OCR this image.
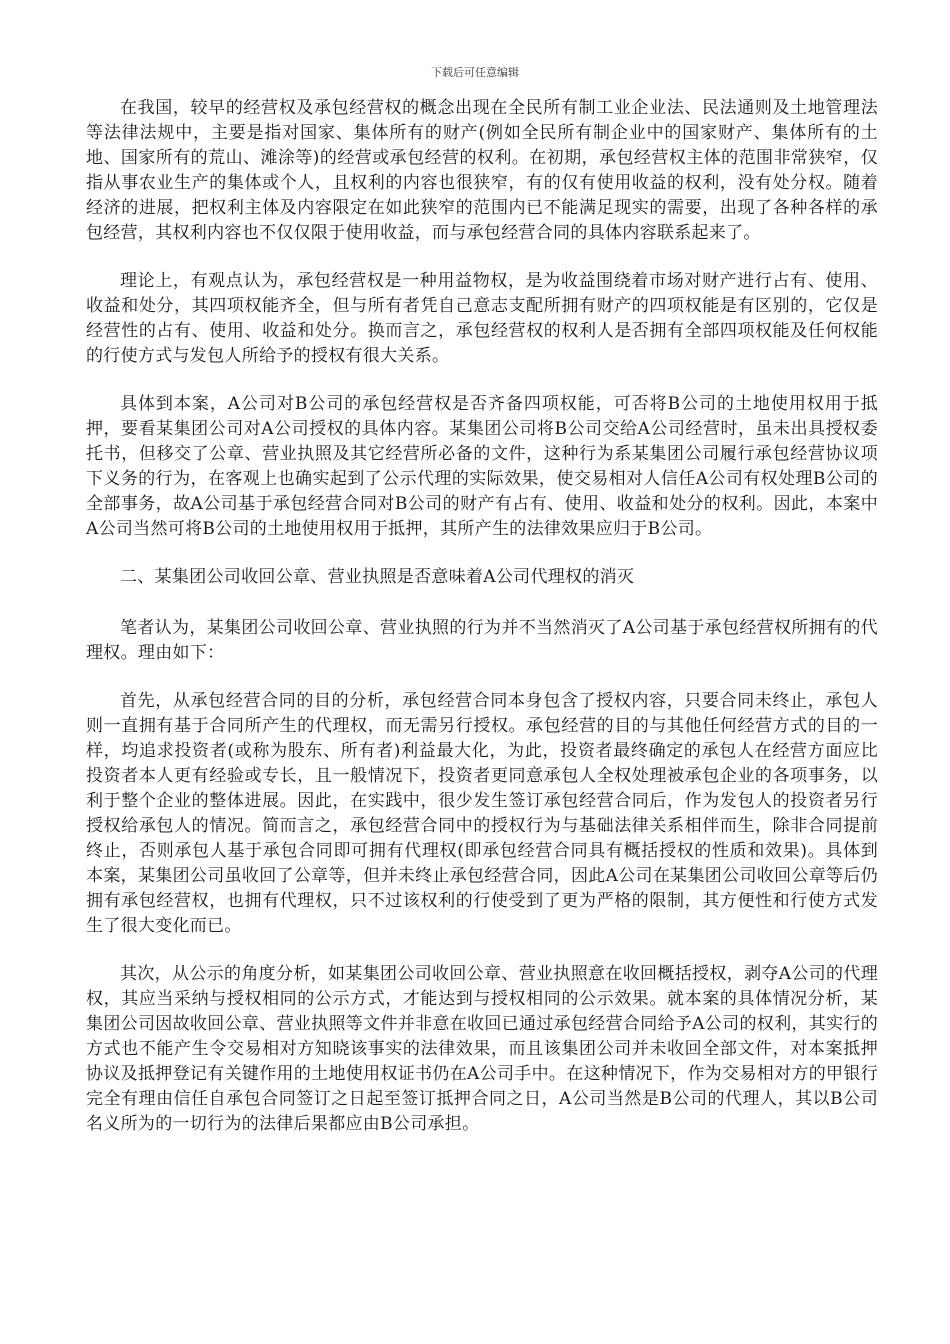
下载后可任意编辑

在我国，较早的经营权及承包经营权的概念出现在全民所有制工业企业法、民法通则及土地管理法等法律法规中，主要是指对国家、集体所有的财产(例如全民所有制企业中的国家财产、集体所有的土地、国家所有的荒山、滩涂等)的经营或承包经营的权利。在初期，承包经营权主体的范围非常狭窄，仅指从事农业生产的集体或个人，且权利的内容也很狭窄，有的仅有使用收益的权利，没有处分权。随着经济的进展，把权利主体及内容限定在如此狭窄的范围内已不能满足现实的需要，出现了各种各样的承包经营，其权利内容也不仅仅限于使用收益，而与承包经营合同的具体内容联系起来了。

理论上，有观点认为，承包经营权是一种用益物权，是为收益围绕着市场对财产进行占有、使用、收益和处分，其四项权能齐全，但与所有者凭自己意志支配所拥有财产的四项权能是有区别的，它仅是经营性的占有、使用、收益和处分。换而言之，承包经营权的权利人是否拥有全部四项权能及任何权能的行使方式与发包人所给予的授权有很大关系。

具体到本案，A公司对B公司的承包经营权是否齐备四项权能，可否将B公司的土地使用权用于抵押，要看某集团公司对A公司授权的具体内容。某集团公司将B公司交给A公司经营时，虽未出具授权委托书，但移交了公章、营业执照及其它经营所必备的文件，这种行为系某集团公司履行承包经营协议项下义务的行为，在客观上也确实起到了公示代理的实际效果，使交易相对人信任A公司有权处理B公司的全部事务，故A公司基于承包经营合同对B公司的财产有占有、使用、收益和处分的权利。因此，本案中A公司当然可将B公司的土地使用权用于抵押，其所产生的法律效果应归于B公司。

二、某集团公司收回公章、营业执照是否意味着A公司代理权的消灭

笔者认为，某集团公司收回公章、营业执照的行为并不当然消灭了A公司基于承包经营权所拥有的代理权。理由如下：

首先，从承包经营合同的目的分析，承包经营合同本身包含了授权内容，只要合同未终止，承包人则一直拥有基于合同所产生的代理权，而无需另行授权。承包经营的目的与其他任何经营方式的目的一样，均追求投资者(或称为股东、所有者)利益最大化，为此，投资者最终确定的承包人在经营方面应比投资者本人更有经验或专长，且一般情况下，投资者更同意承包人全权处理被承包企业的各项事务，以利于整个企业的整体进展。因此，在实践中，很少发生签订承包经营合同后，作为发包人的投资者另行授权给承包人的情况。简而言之，承包经营合同中的授权行为与基础法律关系相伴而生，除非合同提前终止，否则承包人基于承包合同即可拥有代理权(即承包经营合同具有概括授权的性质和效果)。具体到本案，某集团公司虽收回了公章等，但并未终止承包经营合同，因此A公司在某集团公司收回公章等后仍拥有承包经营权，也拥有代理权，只不过该权利的行使受到了更为严格的限制，其方便性和行使方式发生了很大变化而已。

其次，从公示的角度分析，如某集团公司收回公章、营业执照意在收回概括授权，剥夺A公司的代理权，其应当采纳与授权相同的公示方式，才能达到与授权相同的公示效果。就本案的具体情况分析，某集团公司因故收回公章、营业执照等文件并非意在收回已通过承包经营合同给予A公司的权利，其实行的方式也不能产生令交易相对方知晓该事实的法律效果，而且该集团公司并未收回全部文件，对本案抵押协议及抵押登记有关键作用的土地使用权证书仍在A公司手中。在这种情况下，作为交易相对方的甲银行完全有理由信任自承包合同签订之日起至签订抵押合同之日，A公司当然是B公司的代理人，其以B公司名义所为的一切行为的法律后果都应由B公司承担。
